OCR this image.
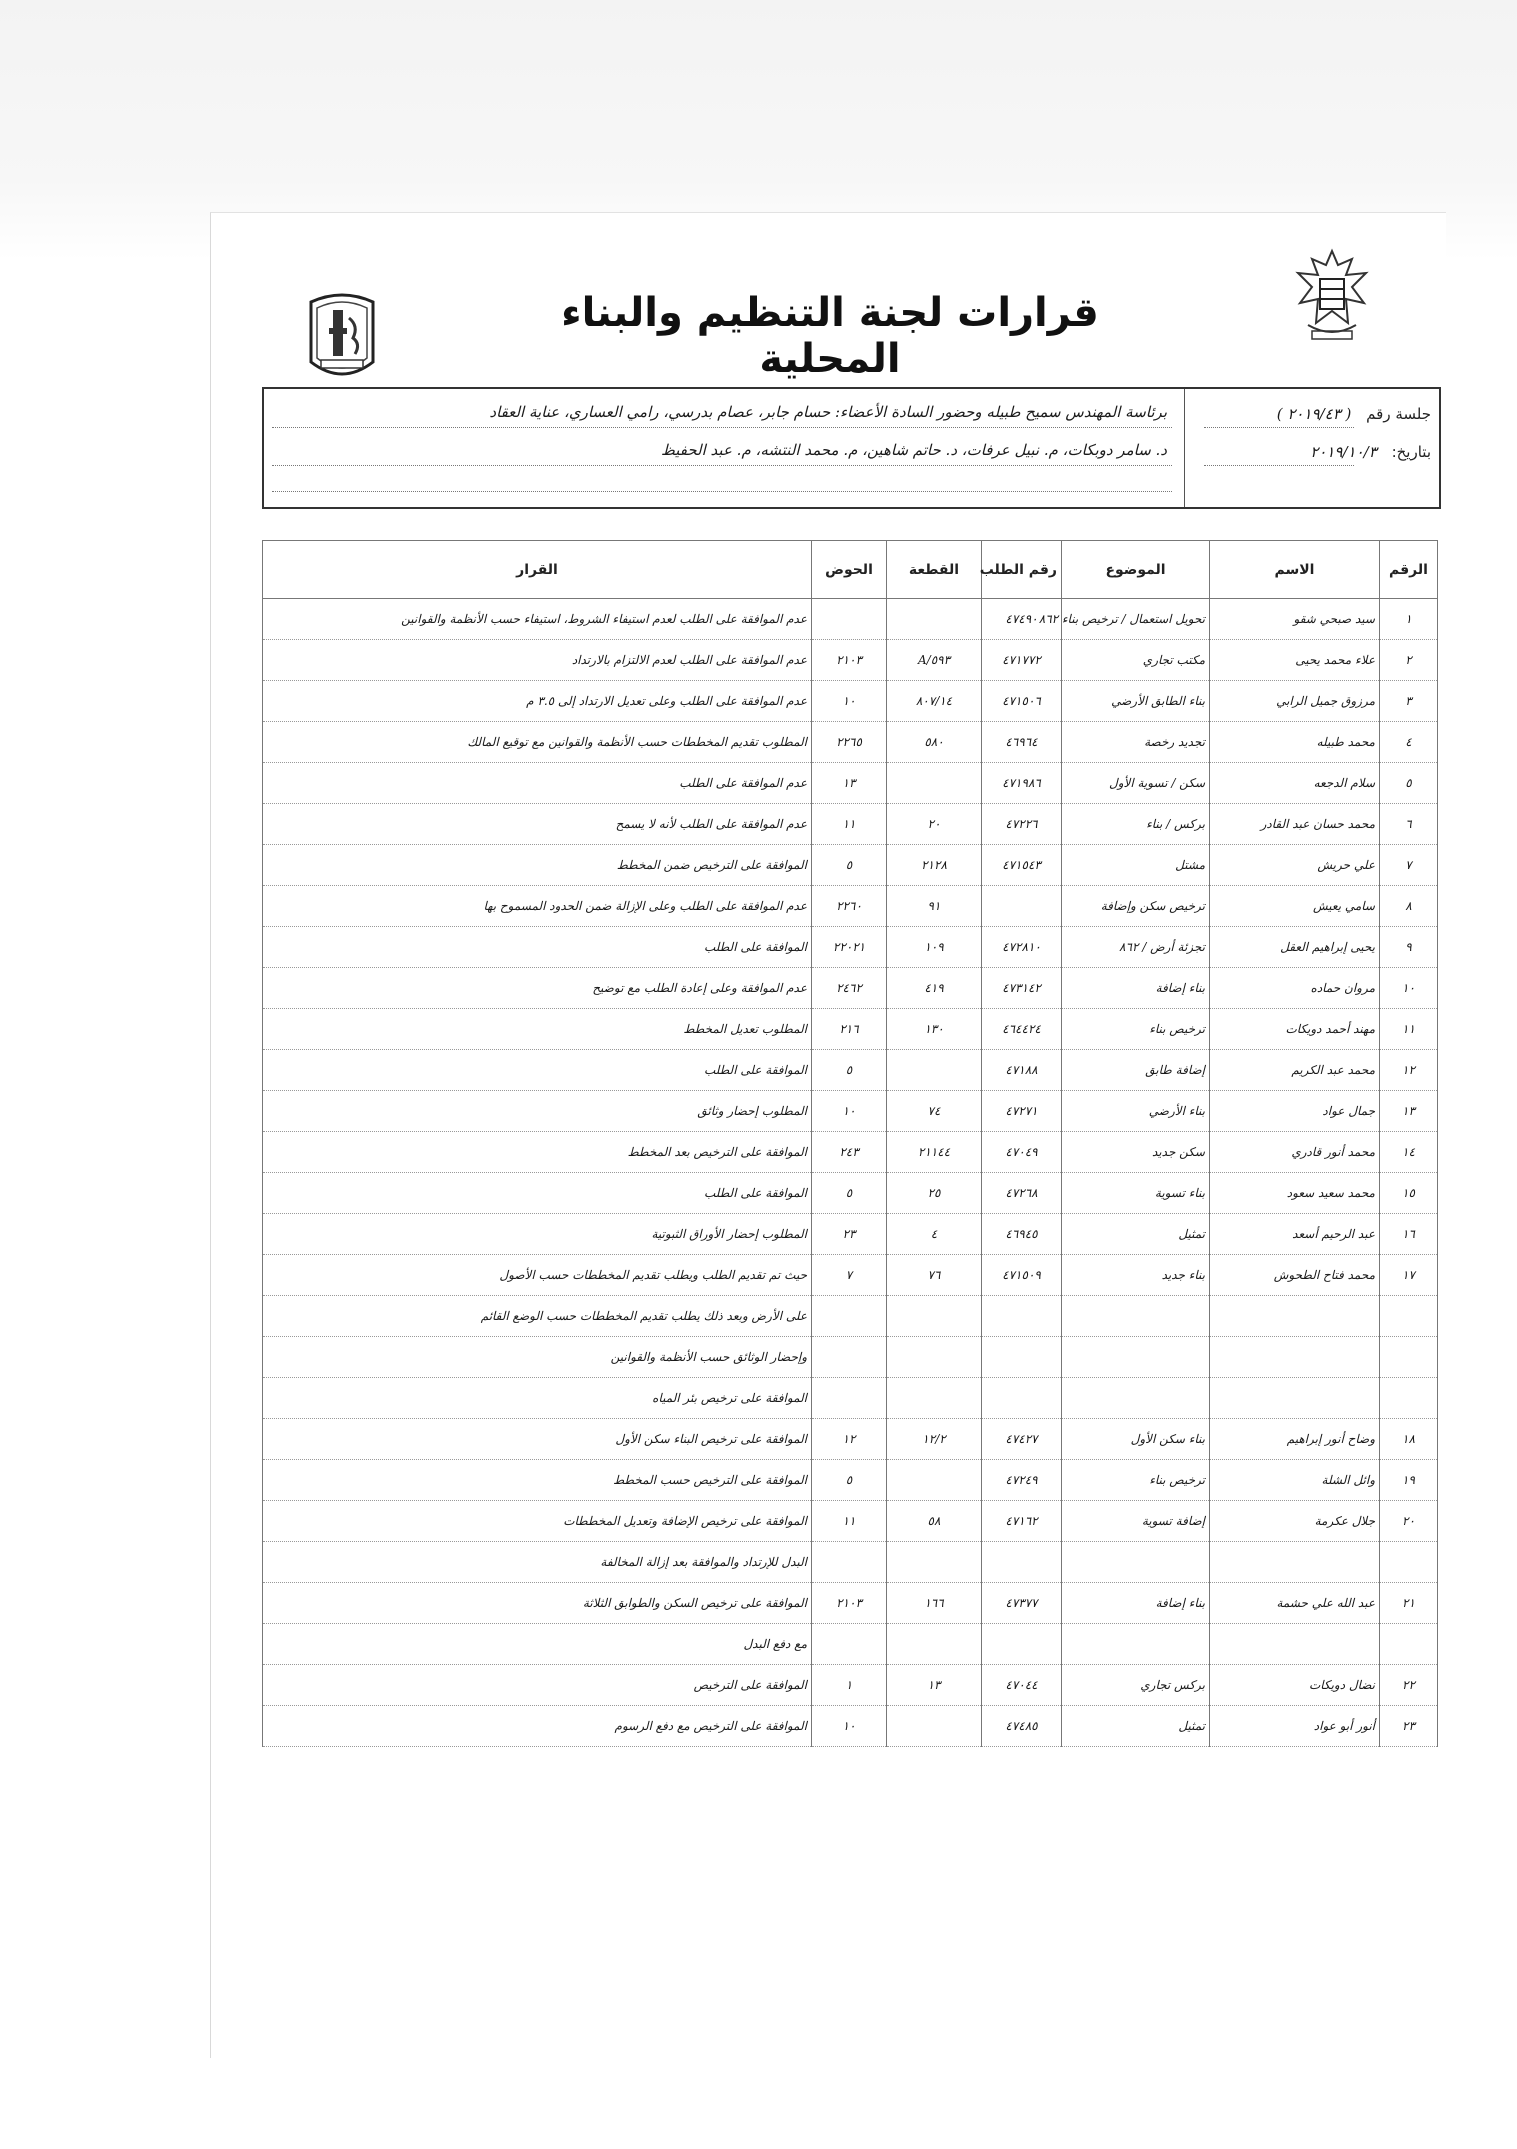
قرارات لجنة التنظيم والبناء المحلية
جلسة رقم ( ٢٠١٩/٤٣ )
بتاريخ: ٢٠١٩/١٠/٣
برئاسة المهندس سميح طبيله وحضور السادة الأعضاء: حسام جابر، عصام بدرسي، رامي العساري، عناية العقاد
د. سامر دوبكات، م. نبيل عرفات، د. حاتم شاهين، م. محمد النتشه، م. عبد الحفيظ
الرقم	الاسم	الموضوع	رقم الطلب	القطعة	الحوض	القرار
١	سيد صبحي شقو	تحويل استعمال / ترخيص بناء ٨٦٢	٤٧٤٩٠			عدم الموافقة على الطلب لعدم استيفاء الشروط، استيفاء حسب الأنظمة والقوانين
٢	علاء محمد يحيى	مكتب تجاري	٤٧١٧٧٢	٥٩٣/A	٢١٠٣	عدم الموافقة على الطلب لعدم الالتزام بالارتداد
٣	مرزوق جميل الرابي	بناء الطابق الأرضي	٤٧١٥٠٦	٨٠٧/١٤	١٠	عدم الموافقة على الطلب وعلى تعديل الارتداد إلى ٣.٥ م
٤	محمد طبيله	تجديد رخصة	٤٦٩٦٤	٥٨٠	٢٢٦٥	المطلوب تقديم المخططات حسب الأنظمة والقوانين مع توقيع المالك
٥	سلام الدجعه	سكن / تسوية الأول	٤٧١٩٨٦		١٣	عدم الموافقة على الطلب
٦	محمد حسان عبد القادر	بركس / بناء	٤٧٢٢٦	٢٠	١١	عدم الموافقة على الطلب لأنه لا يسمح
٧	علي حريش	مشتل	٤٧١٥٤٣	٢١٢٨	٥	الموافقة على الترخيص ضمن المخطط
٨	سامي يعيش	ترخيص سكن وإضافة		٩١	٢٢٦٠	عدم الموافقة على الطلب وعلى الإزالة ضمن الحدود المسموح بها
٩	يحيى إبراهيم العقل	تجزئة أرض / ٨٦٢	٤٧٢٨١٠	١٠٩	٢٢٠٢١	الموافقة على الطلب
١٠	مروان حماده	بناء إضافة	٤٧٣١٤٢	٤١٩	٢٤٦٢	عدم الموافقة وعلى إعادة الطلب مع توضيح
١١	مهند أحمد دويكات	ترخيص بناء	٤٦٤٤٢٤	١٣٠	٢١٦	المطلوب تعديل المخطط
١٢	محمد عبد الكريم	إضافة طابق	٤٧١٨٨		٥	الموافقة على الطلب
١٣	جمال عواد	بناء الأرضي	٤٧٢٧١	٧٤	١٠	المطلوب إحضار وثائق
١٤	محمد أنور قادري	سكن جديد	٤٧٠٤٩	٢١١٤٤	٢٤٣	الموافقة على الترخيص بعد المخطط
١٥	محمد سعيد سعود	بناء تسوية	٤٧٢٦٨	٢٥	٥	الموافقة على الطلب
١٦	عبد الرحيم أسعد	تمثيل	٤٦٩٤٥	٤	٢٣	المطلوب إحضار الأوراق الثبوتية
١٧	محمد فتاح الطحوش	بناء جديد	٤٧١٥٠٩	٧٦	٧	حيث تم تقديم الطلب ويطلب تقديم المخططات حسب الأصول
						على الأرض وبعد ذلك يطلب تقديم المخططات حسب الوضع القائم
						وإحضار الوثائق حسب الأنظمة والقوانين
						الموافقة على ترخيص بئر المياه
١٨	وضاح أنور إبراهيم	بناء سكن الأول	٤٧٤٢٧	١٢/٢	١٢	الموافقة على ترخيص البناء سكن الأول
١٩	وائل الشلة	ترخيص بناء	٤٧٢٤٩		٥	الموافقة على الترخيص حسب المخطط
٢٠	جلال عكرمة	إضافة تسوية	٤٧١٦٢	٥٨	١١	الموافقة على ترخيص الإضافة وتعديل المخططات
						البدل للإرتداد والموافقة بعد إزالة المخالفة
٢١	عبد الله علي حشمة	بناء إضافة	٤٧٣٧٧	١٦٦	٢١٠٣	الموافقة على ترخيص السكن والطوابق الثلاثة
						مع دفع البدل
٢٢	نضال دويكات	بركس تجاري	٤٧٠٤٤	١٣	١	الموافقة على الترخيص
٢٣	أنور أبو عواد	تمثيل	٤٧٤٨٥		١٠	الموافقة على الترخيص مع دفع الرسوم
